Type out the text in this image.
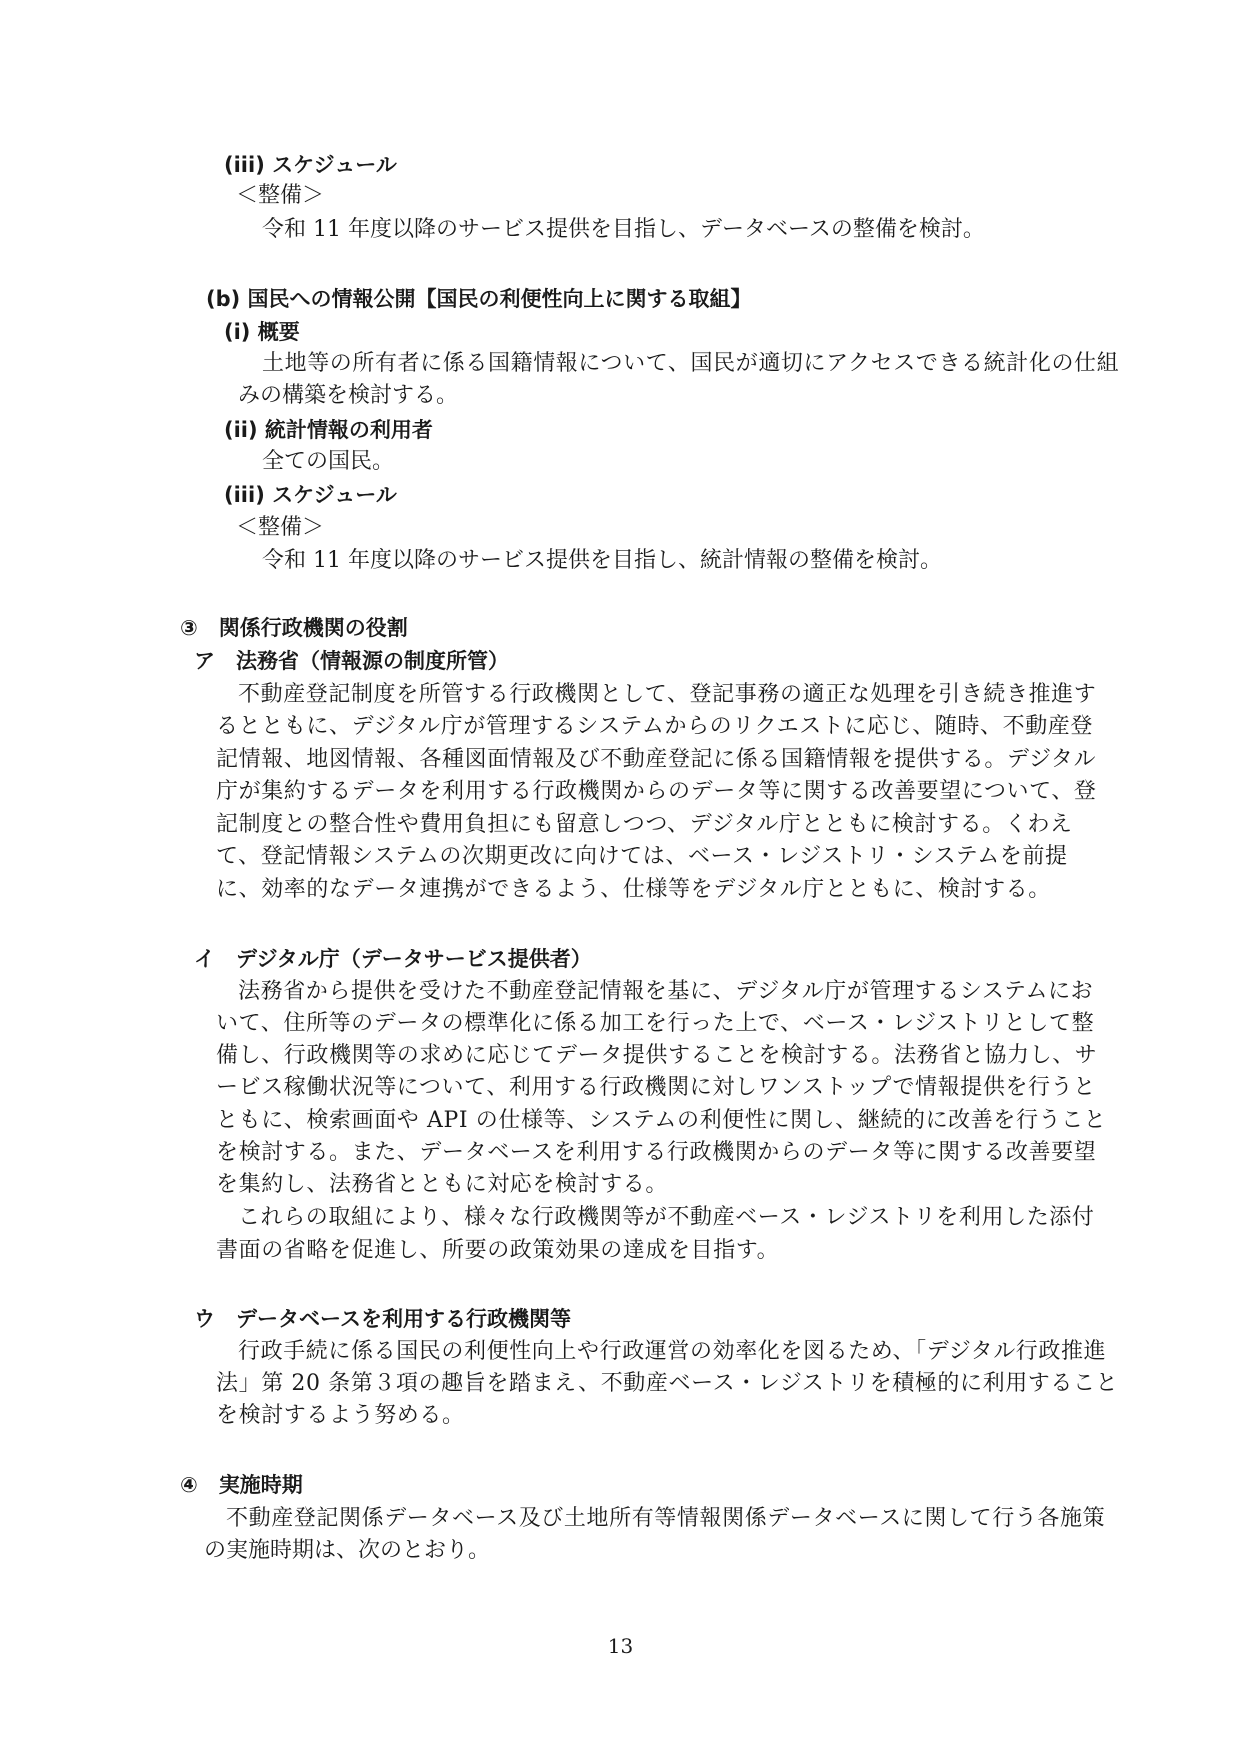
(iii) スケジュール
＜整備＞
令和 11 年度以降のサービス提供を目指し、データベースの整備を検討。
(b) 国民への情報公開【国民の利便性向上に関する取組】
(i) 概要
土地等の所有者に係る国籍情報について、国民が適切にアクセスできる統計化の仕組
みの構築を検討する。
(ii) 統計情報の利用者
全ての国民。
(iii) スケジュール
＜整備＞
令和 11 年度以降のサービス提供を目指し、統計情報の整備を検討。
③　関係行政機関の役割
ア　法務省（情報源の制度所管）
不動産登記制度を所管する行政機関として、登記事務の適正な処理を引き続き推進す
るとともに、デジタル庁が管理するシステムからのリクエストに応じ、随時、不動産登
記情報、地図情報、各種図面情報及び不動産登記に係る国籍情報を提供する。デジタル
庁が集約するデータを利用する行政機関からのデータ等に関する改善要望について、登
記制度との整合性や費用負担にも留意しつつ、デジタル庁とともに検討する。くわえ
て、登記情報システムの次期更改に向けては、ベース・レジストリ・システムを前提
に、効率的なデータ連携ができるよう、仕様等をデジタル庁とともに、検討する。
イ　デジタル庁（データサービス提供者）
法務省から提供を受けた不動産登記情報を基に、デジタル庁が管理するシステムにお
いて、住所等のデータの標準化に係る加工を行った上で、ベース・レジストリとして整
備し、行政機関等の求めに応じてデータ提供することを検討する。法務省と協力し、サ
ービス稼働状況等について、利用する行政機関に対しワンストップで情報提供を行うと
ともに、検索画面や API の仕様等、システムの利便性に関し、継続的に改善を行うこと
を検討する。また、データベースを利用する行政機関からのデータ等に関する改善要望
を集約し、法務省とともに対応を検討する。
これらの取組により、様々な行政機関等が不動産ベース・レジストリを利用した添付
書面の省略を促進し、所要の政策効果の達成を目指す。
ウ　データベースを利用する行政機関等
行政手続に係る国民の利便性向上や行政運営の効率化を図るため、「デジタル行政推進
法」第 20 条第３項の趣旨を踏まえ、不動産ベース・レジストリを積極的に利用すること
を検討するよう努める。
④　実施時期
不動産登記関係データベース及び土地所有等情報関係データベースに関して行う各施策
の実施時期は、次のとおり。
13
